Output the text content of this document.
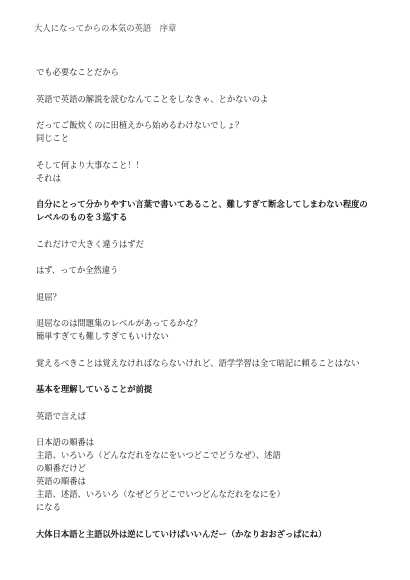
大人になってからの本気の英語　序章
でも必要なことだから
英語で英語の解説を読むなんてことをしなきゃ、とかないのよ
だってご飯炊くのに田植えから始めるわけないでしょ？
同じこと
そして何より大事なこと！！
それは
自分にとって分かりやすい言葉で書いてあること、難しすぎて断念してしまわない程度の
レベルのものを３巡する
これだけで大きく違うはずだ
はず、ってか全然違う
退屈？
退屈なのは問題集のレベルがあってるかな？
簡単すぎても難しすぎてもいけない
覚えるべきことは覚えなければならないけれど、語学学習は全て暗記に頼ることはない
基本を理解していることが前提
英語で言えば
日本語の順番は
主語、いろいろ（どんなだれをなにをいつどこでどうなぜ）、述語
の順番だけど
英語の順番は
主語、述語、いろいろ（なぜどうどこでいつどんなだれをなにを）
になる
大体日本語と主語以外は逆にしていけばいいんだー（かなりおおざっぱにね）
